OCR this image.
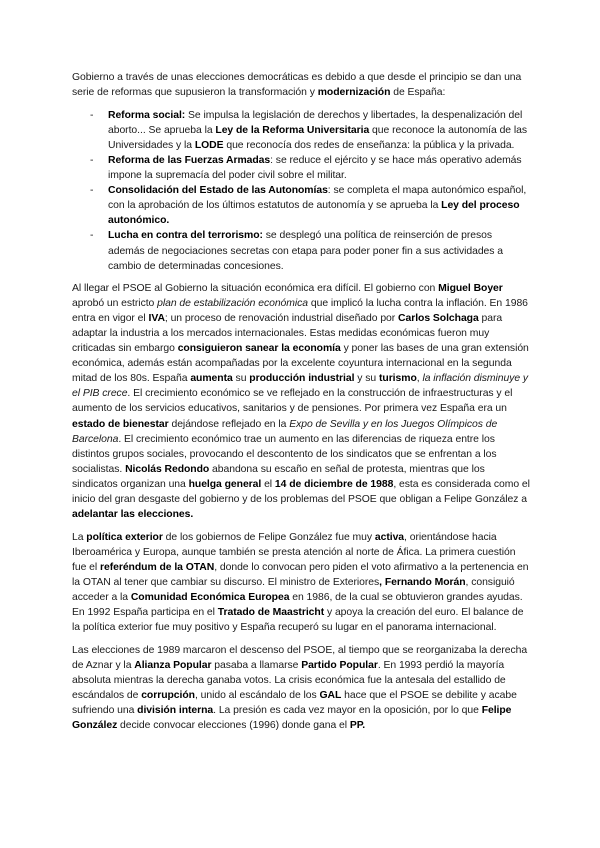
Gobierno a través de unas elecciones democráticas es debido a que desde el principio se dan una serie de reformas que supusieron la transformación y modernización de España:

- Reforma social: Se impulsa la legislación de derechos y libertades, la despenalización del aborto... Se aprueba la Ley de la Reforma Universitaria que reconoce la autonomía de las Universidades y la LODE que reconocía dos redes de enseñanza: la pública y la privada.
- Reforma de las Fuerzas Armadas: se reduce el ejército y se hace más operativo además impone la supremacía del poder civil sobre el militar.
- Consolidación del Estado de las Autonomías: se completa el mapa autonómico español, con la aprobación de los últimos estatutos de autonomía y se aprueba la Ley del proceso autonómico.
- Lucha en contra del terrorismo: se desplegó una política de reinserción de presos además de negociaciones secretas con etapa para poder poner fin a sus actividades a cambio de determinadas concesiones.

Al llegar el PSOE al Gobierno la situación económica era difícil. El gobierno con Miguel Boyer aprobó un estricto plan de estabilización económica que implicó la lucha contra la inflación. En 1986 entra en vigor el IVA; un proceso de renovación industrial diseñado por Carlos Solchaga para adaptar la industria a los mercados internacionales. Estas medidas económicas fueron muy criticadas sin embargo consiguieron sanear la economía y poner las bases de una gran extensión económica, además están acompañadas por la excelente coyuntura internacional en la segunda mitad de los 80s. España aumenta su producción industrial y su turismo, la inflación disminuye y el PIB crece. El crecimiento económico se ve reflejado en la construcción de infraestructuras y el aumento de los servicios educativos, sanitarios y de pensiones. Por primera vez España era un estado de bienestar dejándose reflejado en la Expo de Sevilla y en los Juegos Olímpicos de Barcelona. El crecimiento económico trae un aumento en las diferencias de riqueza entre los distintos grupos sociales, provocando el descontento de los sindicatos que se enfrentan a los socialistas. Nicolás Redondo abandona su escaño en señal de protesta, mientras que los sindicatos organizan una huelga general el 14 de diciembre de 1988, esta es considerada como el inicio del gran desgaste del gobierno y de los problemas del PSOE que obligan a Felipe González a adelantar las elecciones.

La política exterior de los gobiernos de Felipe González fue muy activa, orientándose hacia Iberoamérica y Europa, aunque también se presta atención al norte de Áfica. La primera cuestión fue el referéndum de la OTAN, donde lo convocan pero piden el voto afirmativo a la pertenencia en la OTAN al tener que cambiar su discurso. El ministro de Exteriores, Fernando Morán, consiguió acceder a la Comunidad Económica Europea en 1986, de la cual se obtuvieron grandes ayudas. En 1992 España participa en el Tratado de Maastricht y apoya la creación del euro. El balance de la política exterior fue muy positivo y España recuperó su lugar en el panorama internacional.

Las elecciones de 1989 marcaron el descenso del PSOE, al tiempo que se reorganizaba la derecha de Aznar y la Alianza Popular pasaba a llamarse Partido Popular. En 1993 perdió la mayoría absoluta mientras la derecha ganaba votos. La crisis económica fue la antesala del estallido de escándalos de corrupción, unido al escándalo de los GAL hace que el PSOE se debilite y acabe sufriendo una división interna. La presión es cada vez mayor en la oposición, por lo que Felipe González decide convocar elecciones (1996) donde gana el PP.
